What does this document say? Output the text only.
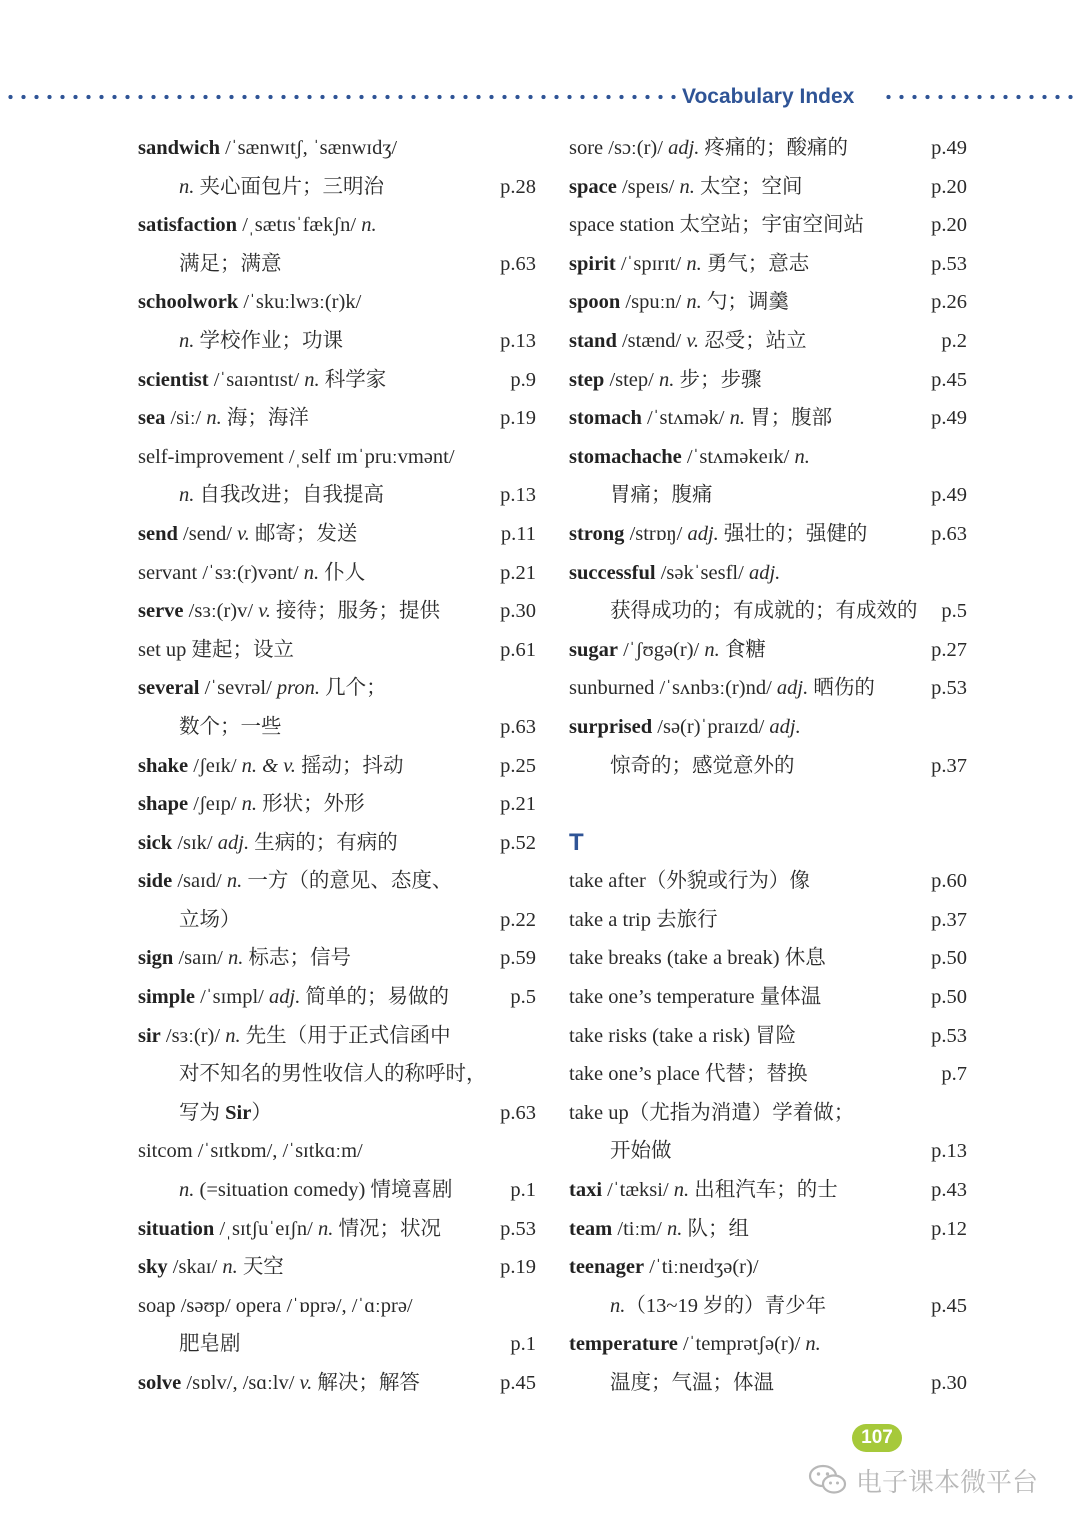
Vocabulary Index
sandwich /ˈsænwɪtʃ, ˈsænwɪdʒ/
n. 夹心面包片；三明治	p.28
satisfaction /ˌsætɪsˈfækʃn/ n.
满足；满意	p.63
schoolwork /ˈskuːlwɜː(r)k/
n. 学校作业；功课	p.13
scientist /ˈsaɪəntɪst/ n. 科学家	p.9
sea /siː/ n. 海；海洋	p.19
self-improvement /ˌself ɪmˈpruːvmənt/
n. 自我改进；自我提高	p.13
send /send/ v. 邮寄；发送	p.11
servant /ˈsɜː(r)vənt/ n. 仆人	p.21
serve /sɜː(r)v/ v. 接待；服务；提供	p.30
set up 建起；设立	p.61
several /ˈsevrəl/ pron. 几个；
数个；一些	p.63
shake /ʃeɪk/ n. & v. 摇动；抖动	p.25
shape /ʃeɪp/ n. 形状；外形	p.21
sick /sɪk/ adj. 生病的；有病的	p.52
side /saɪd/ n. 一方（的意见、态度、
立场）	p.22
sign /saɪn/ n. 标志；信号	p.59
simple /ˈsɪmpl/ adj. 简单的；易做的	p.5
sir /sɜː(r)/ n. 先生（用于正式信函中
对不知名的男性收信人的称呼时，
写为 Sir）	p.63
sitcom /ˈsɪtkɒm/, /ˈsɪtkɑːm/
n. (=situation comedy) 情境喜剧	p.1
situation /ˌsɪtʃuˈeɪʃn/ n. 情况；状况	p.53
sky /skaɪ/ n. 天空	p.19
soap /səʊp/ opera /ˈɒprə/, /ˈɑːprə/
肥皂剧	p.1
solve /sɒlv/, /sɑːlv/ v. 解决；解答	p.45
sore /sɔː(r)/ adj. 疼痛的；酸痛的	p.49
space /speɪs/ n. 太空；空间	p.20
space station 太空站；宇宙空间站	p.20
spirit /ˈspɪrɪt/ n. 勇气；意志	p.53
spoon /spuːn/ n. 勺；调羹	p.26
stand /stænd/ v. 忍受；站立	p.2
step /step/ n. 步；步骤	p.45
stomach /ˈstʌmək/ n. 胃；腹部	p.49
stomachache /ˈstʌməkeɪk/ n.
胃痛；腹痛	p.49
strong /strɒŋ/ adj. 强壮的；强健的	p.63
successful /səkˈsesfl/ adj.
获得成功的；有成就的；有成效的 p.5
sugar /ˈʃʊgə(r)/ n. 食糖	p.27
sunburned /ˈsʌnbɜː(r)nd/ adj. 晒伤的	p.53
surprised /sə(r)ˈpraɪzd/ adj.
惊奇的；感觉意外的	p.37
T
take after（外貌或行为）像	p.60
take a trip 去旅行	p.37
take breaks (take a break) 休息	p.50
take one’s temperature 量体温	p.50
take risks (take a risk) 冒险	p.53
take one’s place 代替；替换	p.7
take up（尤指为消遣）学着做；
开始做	p.13
taxi /ˈtæksi/ n. 出租汽车；的士	p.43
team /tiːm/ n. 队；组	p.12
teenager /ˈtiːneɪdʒə(r)/
n.（13~19 岁的）青少年	p.45
temperature /ˈtemprətʃə(r)/ n.
温度；气温；体温	p.30
107
电子课本微平台
